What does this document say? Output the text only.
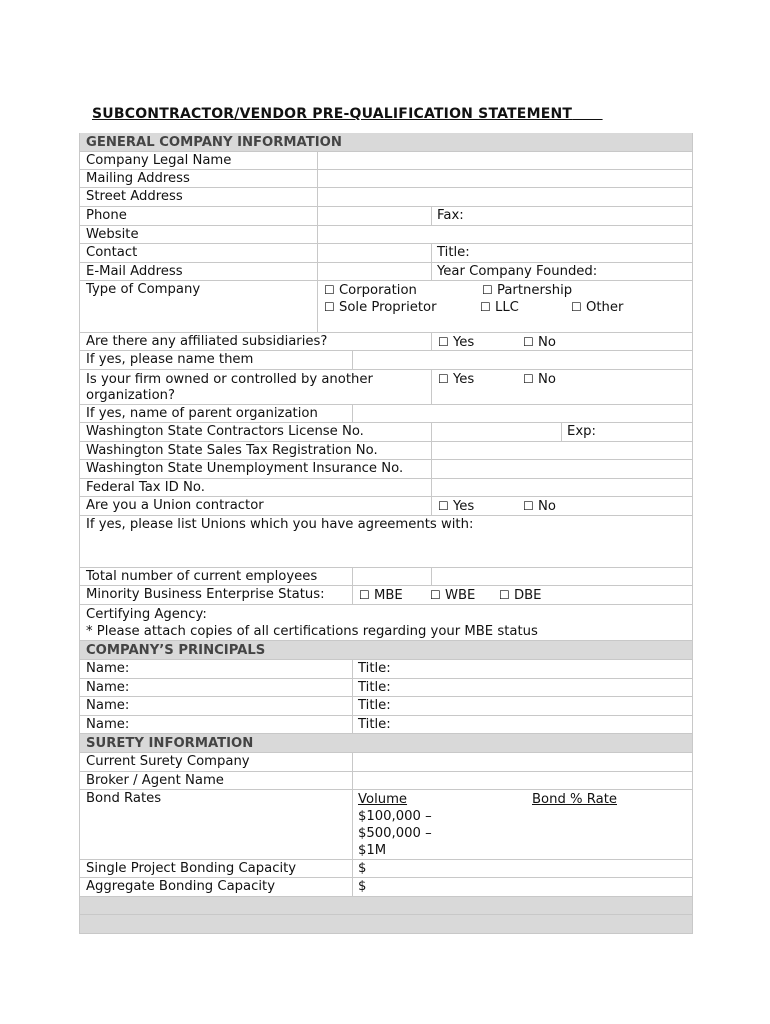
SUBCONTRACTOR/VENDOR PRE-QUALIFICATION STATEMENT
GENERAL COMPANY INFORMATION
Company Legal Name
Mailing Address
Street Address
Phone	Fax:
Website
Contact	Title:
E-Mail Address	Year Company Founded:
Type of Company	☐ Corporation	☐ Partnership
☐ Sole Proprietor	☐ LLC	☐ Other
Are there any affiliated subsidiaries?	☐ Yes	☐ No
If yes, please name them
Is your firm owned or controlled by another
organization?
☐ Yes	☐ No
If yes, name of parent organization
Washington State Contractors License No.	Exp:
Washington State Sales Tax Registration No.
Washington State Unemployment Insurance No.
Federal Tax ID No.
Are you a Union contractor	☐ Yes	☐ No
If yes, please list Unions which you have agreements with:
Total number of current employees
Minority Business Enterprise Status:	☐ MBE ☐ WBE ☐ DBE
Certifying Agency:
* Please attach copies of all certifications regarding your MBE status
COMPANY’S PRINCIPALS
Name:	Title:
Name:	Title:
Name:	Title:
Name:	Title:
SURETY INFORMATION
Current Surety Company
Broker / Agent Name
Bond Rates	Volume	Bond % Rate
$100,000 –
$500,000 –
$1M
Single Project Bonding Capacity	$
Aggregate Bonding Capacity	$
